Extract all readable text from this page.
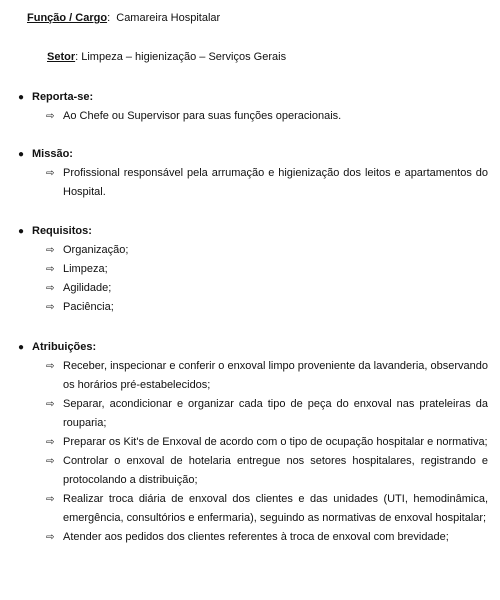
Função / Cargo: Camareira Hospitalar
Setor: Limpeza – higienização – Serviços Gerais
● Reporta-se:
⇨ Ao Chefe ou Supervisor para suas funções operacionais.
● Missão:
⇨ Profissional responsável pela arrumação e higienização dos leitos e apartamentos do Hospital.
● Requisitos:
⇨ Organização;
⇨ Limpeza;
⇨ Agilidade;
⇨ Paciência;
● Atribuições:
⇨ Receber, inspecionar e conferir o enxoval limpo proveniente da lavanderia, observando os horários pré-estabelecidos;
⇨ Separar, acondicionar e organizar cada tipo de peça do enxoval nas prateleiras da rouparia;
⇨ Preparar os Kit's de Enxoval de acordo com o tipo de ocupação hospitalar e normativa;
⇨ Controlar o enxoval de hotelaria entregue nos setores hospitalares, registrando e protocolando a distribuição;
⇨ Realizar troca diária de enxoval dos clientes e das unidades (UTI, hemodinâmica, emergência, consultórios e enfermaria), seguindo as normativas de enxoval hospitalar;
⇨ Atender aos pedidos dos clientes referentes à troca de enxoval com brevidade;
